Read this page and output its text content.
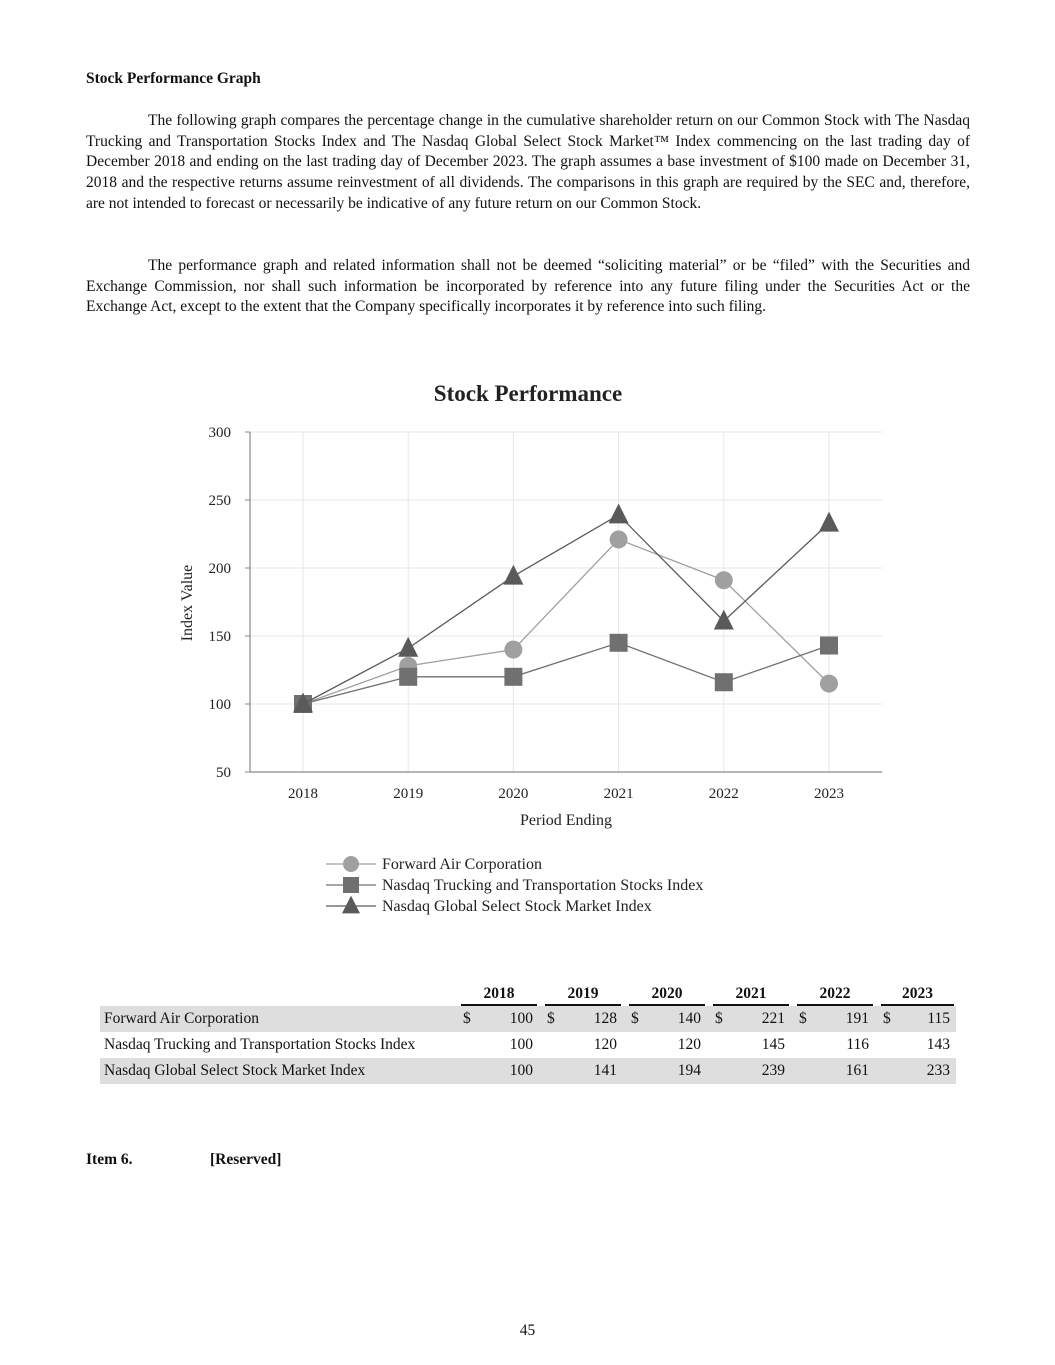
Stock Performance Graph

The following graph compares the percentage change in the cumulative shareholder return on our Common Stock with The Nasdaq Trucking and Transportation Stocks Index and The Nasdaq Global Select Stock Market™ Index commencing on the last trading day of December 2018 and ending on the last trading day of December 2023. The graph assumes a base investment of $100 made on December 31, 2018 and the respective returns assume reinvestment of all dividends. The comparisons in this graph are required by the SEC and, therefore, are not intended to forecast or necessarily be indicative of any future return on our Common Stock.

The performance graph and related information shall not be deemed “soliciting material” or be “filed” with the Securities and Exchange Commission, nor shall such information be incorporated by reference into any future filing under the Securities Act or the Exchange Act, except to the extent that the Company specifically incorporates it by reference into such filing.

Stock Performance
50
100
150
200
250
300
2018	2019	2020	2021	2022	2023
Period Ending
Index Value
Forward Air Corporation
Nasdaq Trucking and Transportation Stocks Index
Nasdaq Global Select Stock Market Index

	2018	2019	2020	2021	2022	2023

Forward Air Corporation	$ 100	$ 128	$ 140	$ 221	$ 191	$ 115

Nasdaq Trucking and Transportation Stocks Index	100	120	120	145	116	143

Nasdaq Global Select Stock Market Index	100	141	194	239	161	233

Item 6.	[Reserved]

45
